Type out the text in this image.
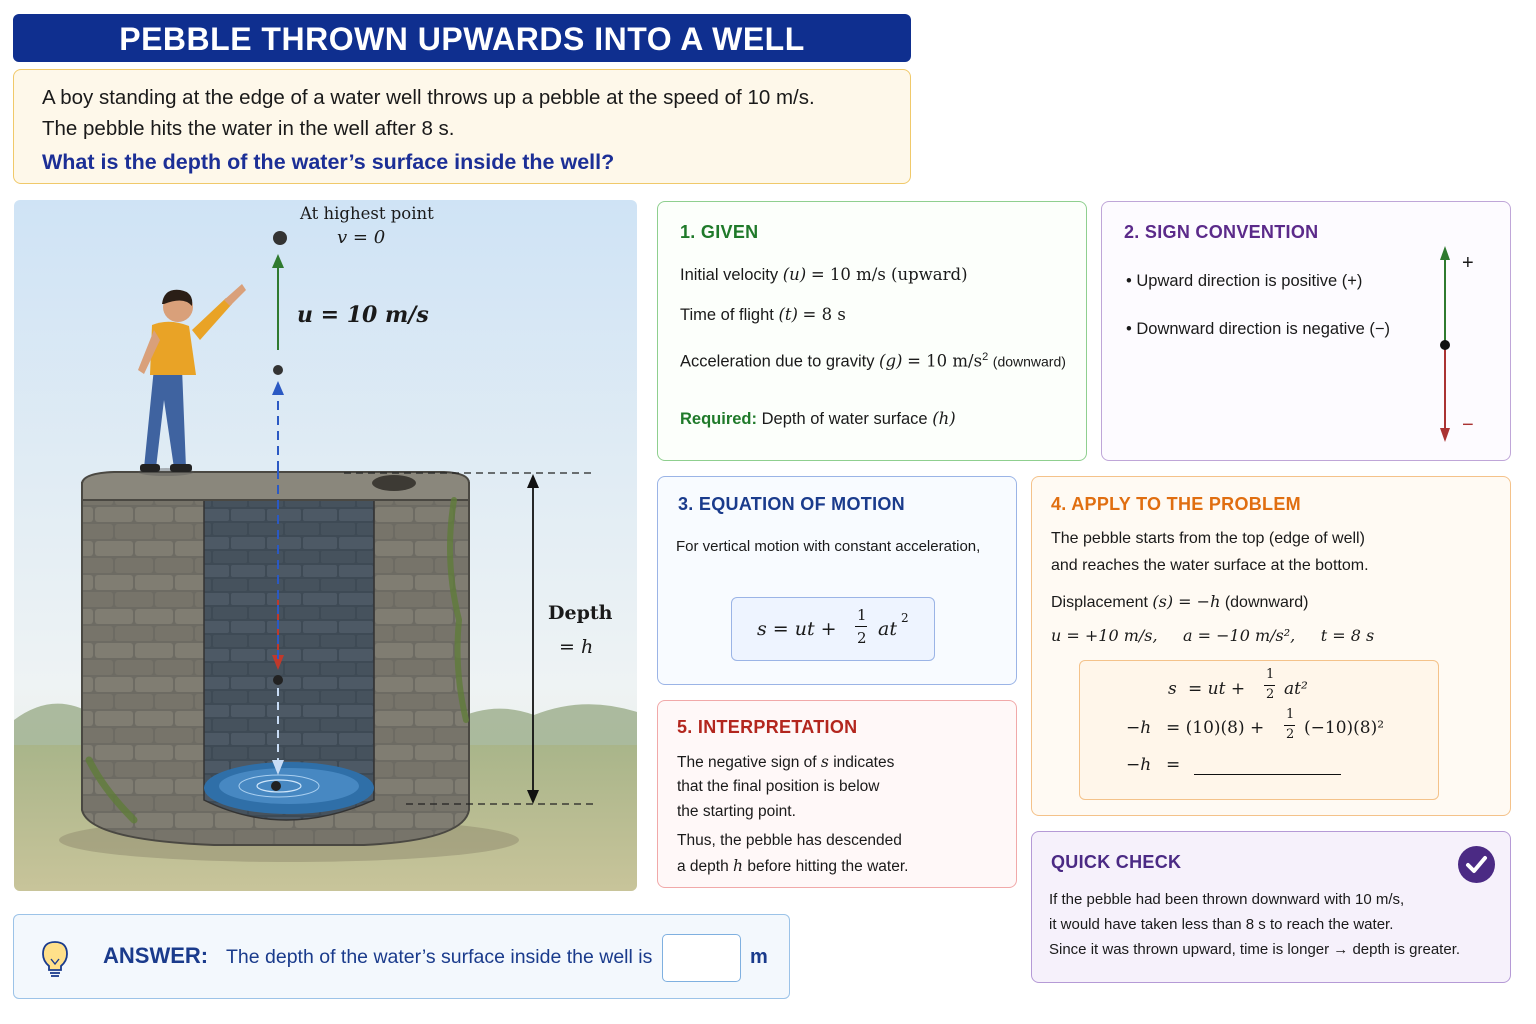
PEBBLE THROWN UPWARDS INTO A WELL
A boy standing at the edge of a water well throws up a pebble at the speed of 10 m/s.
The pebble hits the water in the well after 8 s.
What is the depth of the water’s surface inside the well?
At highest point
v = 0
u = 10 m/s
Depth
= h
1. GIVEN
Initial velocity (u) = 10 m/s (upward)
Time of flight (t) = 8 s
Acceleration due to gravity (g) = 10 $m/s^2$ (downward)
Required: Depth of water surface (h)
2. SIGN CONVENTION
• Upward direction is positive (+)
• Downward direction is negative (−)
+
−
3. EQUATION OF MOTION
For vertical motion with constant acceleration,
s = ut +
1
2 at 2
4. APPLY TO THE PROBLEM
The pebble starts from the top (edge of well)
and reaches the water surface at the bottom.
Displacement (s) = −h (downward)
u = +10 m/s,     a = −10 m/s²,     t = 8 s
s = ut +
1
2 at²
−h = (10)(8) +
1
2 (−10)(8)²
−h =
5. INTERPRETATION
The negative sign of s indicates
that the final position is below
the starting point.
Thus, the pebble has descended
a depth h before hitting the water.	QUICK CHECK
If the pebble had been thrown downward with 10 m/s,
it would have taken less than 8 s to reach the water.
Since it was thrown upward, time is longer → depth is greater.
ANSWER: The depth of the water’s surface inside the well is	m
